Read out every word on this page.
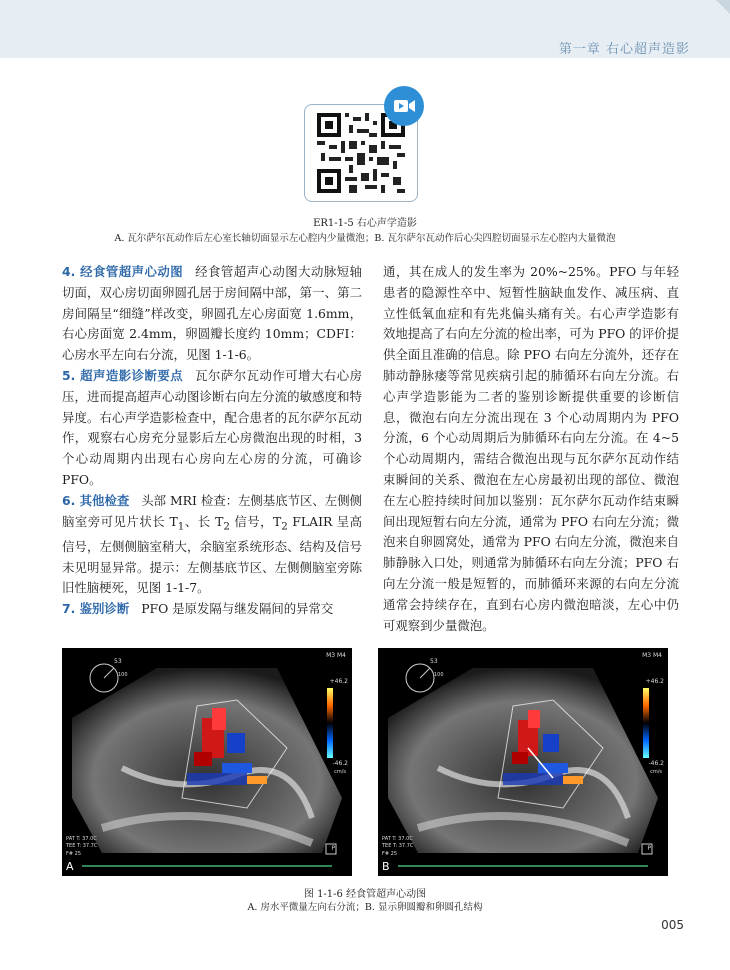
第一章 右心超声造影
ER1-1-5 右心声学造影
A. 瓦尔萨尔瓦动作后左心室长轴切面显示左心腔内少量微泡；B. 瓦尔萨尔瓦动作后心尖四腔切面显示左心腔内大量微泡

4. 经食管超声心动图 经食管超声心动图大动脉短轴切面，双心房切面卵圆孔居于房间隔中部，第一、第二房间隔呈“细缝”样改变，卵圆孔左心房面宽 1.6mm，右心房面宽 2.4mm，卵圆瓣长度约 10mm；CDFI：心房水平左向右分流，见图 1-1-6。

5. 超声造影诊断要点 瓦尔萨尔瓦动作可增大右心房压，进而提高超声心动图诊断右向左分流的敏感度和特异度。右心声学造影检查中，配合患者的瓦尔萨尔瓦动作，观察右心房充分显影后左心房微泡出现的时相，3 个心动周期内出现右心房向左心房的分流，可确诊 PFO。

6. 其他检查 头部 MRI 检查：左侧基底节区、左侧侧脑室旁可见片状长 $T_1$、长 $T_2$ 信号，$T_2$ FLAIR 呈高信号，左侧侧脑室稍大，余脑室系统形态、结构及信号未见明显异常。提示：左侧基底节区、左侧侧脑室旁陈旧性脑梗死，见图 1-1-7。

7. 鉴别诊断 PFO 是原发隔与继发隔间的异常交

通，其在成人的发生率为 20%~25%。PFO 与年轻患者的隐源性卒中、短暂性脑缺血发作、减压病、直立性低氧血症和有先兆偏头痛有关。右心声学造影有效地提高了右向左分流的检出率，可为 PFO 的评价提供全面且准确的信息。除 PFO 右向左分流外，还存在肺动静脉瘘等常见疾病引起的肺循环右向左分流。右心声学造影能为二者的鉴别诊断提供重要的诊断信息，微泡右向左分流出现在 3 个心动周期内为 PFO 分流，6 个心动周期后为肺循环右向左分流。在 4~5 个心动周期内，需结合微泡出现与瓦尔萨尔瓦动作结束瞬间的关系、微泡在左心房最初出现的部位、微泡在左心腔持续时间加以鉴别：瓦尔萨尔瓦动作结束瞬间出现短暂右向左分流，通常为 PFO 右向左分流；微泡来自卵圆窝处，通常为 PFO 右向左分流，微泡来自肺静脉入口处，则通常为肺循环右向左分流；PFO 右向左分流一般是短暂的，而肺循环来源的右向左分流通常会持续存在，直到右心房内微泡暗淡，左心中仍可观察到少量微泡。

53
100
M3 M4
+46.2
-46.2
cm/s
PAT T: 37.0C
TEE T: 37.7C
F# 25
P
A
53
100
M3 M4
+46.2
-46.2
cm/s
PAT T: 37.0C
TEE T: 37.7C
F# 25
P
B
图 1-1-6 经食管超声心动图
A. 房水平微量左向右分流；B. 显示卵圆瓣和卵圆孔结构
005
